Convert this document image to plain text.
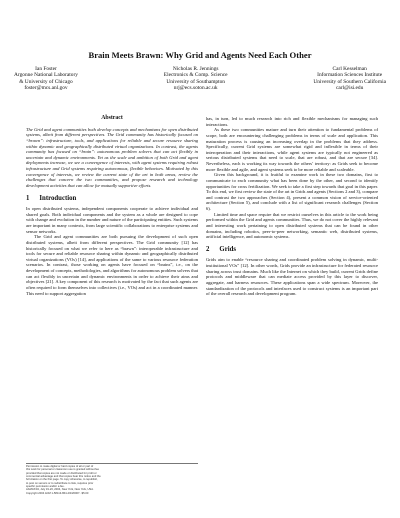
Brain Meets Brawn: Why Grid and Agents Need Each Other
Ian Foster
Argonne National Laboratory
& University of Chicago
foster@mcs.anl.gov
Nicholas R. Jennings
Electronics & Comp. Science
University of Southampton
nrj@ecs.soton.ac.uk
Carl Kesselman
Information Sciences Institute
University of Southern California
carl@isi.edu
Abstract

The Grid and agent communities both develop concepts and mechanisms for open distributed systems, albeit from different perspectives. The Grid community has historically focused on “brawn”: infrastructure, tools, and applications for reliable and secure resource sharing within dynamic and geographically distributed virtual organizations. In contrast, the agents community has focused on “brain”: autonomous problem solvers that can act flexibly in uncertain and dynamic environments. Yet as the scale and ambition of both Grid and agent deployments increase, we see a convergence of interests, with agent systems requiring robust infrastructure and Grid systems requiring autonomous, flexible behaviors. Motivated by this convergence of interests, we review the current state of the art in both areas, review the challenges that concern the two communities, and propose research and technology development activities that can allow for mutually supportive efforts.

1 Introduction

In open distributed systems, independent components cooperate to achieve individual and shared goals. Both individual components and the system as a whole are designed to cope with change and evolution in the number and nature of the participating entities. Such systems are important in many contexts, from large scientific collaborations to enterprise systems and sensor networks.

The Grid and agent communities are both pursuing the development of such open distributed systems, albeit from different perspectives. The Grid community [12] has historically focused on what we refer to here as “brawn”: interoperable infrastructure and tools for secure and reliable resource sharing within dynamic and geographically distributed virtual organizations (VOs) [14], and applications of the same to various resource federation scenarios. In contrast, those working on agents have focused on “brains”, i.e., on the development of concepts, methodologies, and algorithms for autonomous problem solvers that can act flexibly in uncertain and dynamic environments in order to achieve their aims and objectives [21]. A key component of this research is motivated by the fact that such agents are often required to form themselves into collectives (i.e., VOs) and act in a coordinated manner. This need to support aggregation

has, in turn, led to much research into rich and flexible mechanisms for managing such interactions.

As these two communities mature and turn their attention to fundamental problems of scope, both are encountering challenging problems in terms of scale and application. This maturation process is causing an increasing overlap in the problems that they address. Specifically, current Grid systems are somewhat rigid and inflexible in terms of their interoperation and their interactions, while agent systems are typically not engineered as serious distributed systems that need to scale, that are robust, and that are secure [34]. Nevertheless, each is working its way towards the others’ territory: as Grids seek to become more flexible and agile, and agent systems seek to be more reliable and scaleable.

Given this background, it is fruitful to examine work in these two domains, first to communicate to each community what has been done by the other, and second to identify opportunities for cross fertilization. We seek to take a first step towards that goal in this paper. To this end, we first review the state of the art in Grids and agents (Sections 2 and 3), compare and contrast the two approaches (Section 4), present a common vision of service-oriented architecture (Section 5), and conclude with a list of significant research challenges (Section 6).

Limited time and space require that we restrict ourselves in this article to the work being performed within the Grid and agents communities. Thus, we do not cover the highly relevant and interesting work pertaining to open distributed systems that can be found in other domains, including robotics, peer-to-peer networking, semantic web, distributed systems, artificial intelligence, and autonomic systems.

2 Grids

Grids aim to enable “resource sharing and coordinated problem solving in dynamic, multi-institutional VOs” [12]. In other words, Grids provide an infrastructure for federated resource sharing across trust domains. Much like the Internet on which they build, current Grids define protocols and middleware that can mediate access provided by this layer to discover, aggregate, and harness resources. These applications span a wide spectrum. Moreover, the standardization of the protocols and interfaces used to construct systems is an important part of the overall research and development program.

Permission to make digital or hard copies of all or part of
this work for personal or classroom use is granted without fee
provided that copies are not made or distributed for profit or
commercial advantage and that copies bear this notice and the
full citation on the first page. To copy otherwise, to republish,
to post on servers or to redistribute to lists, requires prior
specific permission and/or a fee.
AAMAS'04, July 19-23, 2004, New York, New York, USA.
Copyright 2004 ACM 1-58113-864-4/04/0007...$5.00
